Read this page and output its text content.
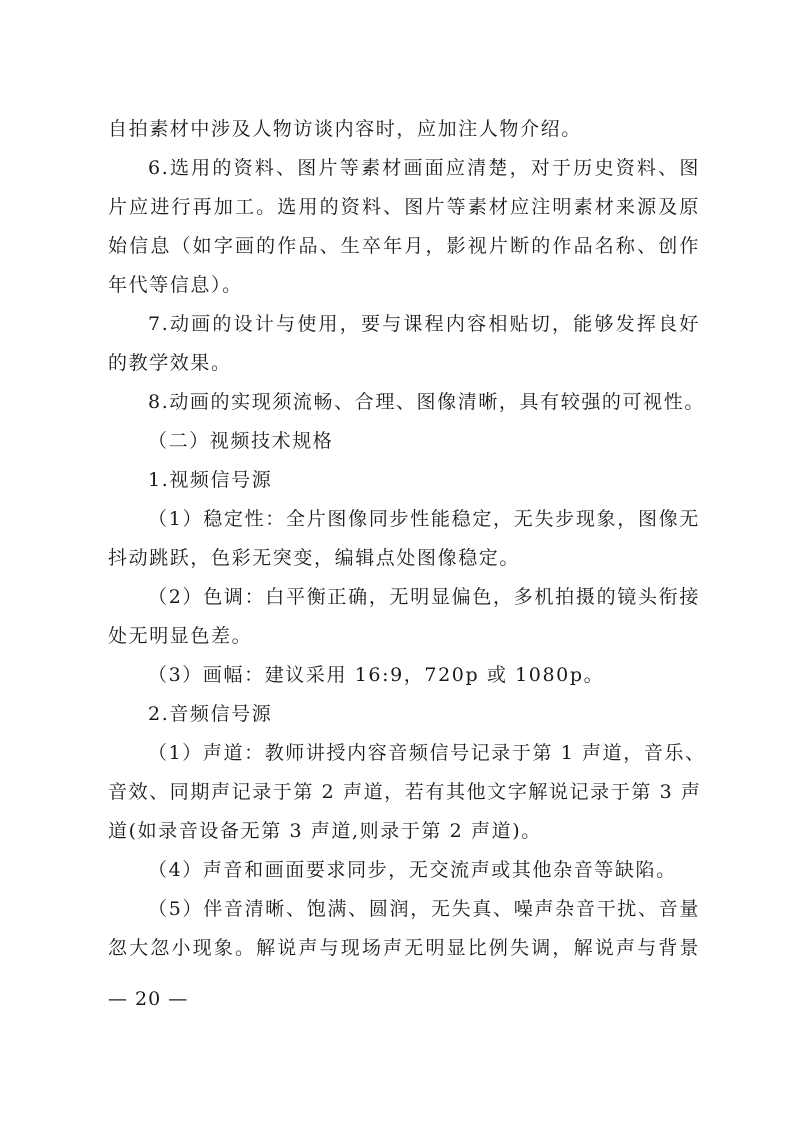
自拍素材中涉及人物访谈内容时，应加注人物介绍。
6.选用的资料、图片等素材画面应清楚，对于历史资料、图
片应进行再加工。选用的资料、图片等素材应注明素材来源及原
始信息（如字画的作品、生卒年月，影视片断的作品名称、创作
年代等信息）。
7.动画的设计与使用，要与课程内容相贴切，能够发挥良好
的教学效果。
8.动画的实现须流畅、合理、图像清晰，具有较强的可视性。
（二）视频技术规格
1.视频信号源
（1）稳定性：全片图像同步性能稳定，无失步现象，图像无
抖动跳跃，色彩无突变，编辑点处图像稳定。
（2）色调：白平衡正确，无明显偏色，多机拍摄的镜头衔接
处无明显色差。
（3）画幅：建议采用 16:9，720p 或 1080p。
2.音频信号源
（1）声道：教师讲授内容音频信号记录于第 1 声道，音乐、
音效、同期声记录于第 2 声道，若有其他文字解说记录于第 3 声
道(如录音设备无第 3 声道,则录于第 2 声道)。
（4）声音和画面要求同步，无交流声或其他杂音等缺陷。
（5）伴音清晰、饱满、圆润，无失真、噪声杂音干扰、音量
忽大忽小现象。解说声与现场声无明显比例失调，解说声与背景
— 20 —
